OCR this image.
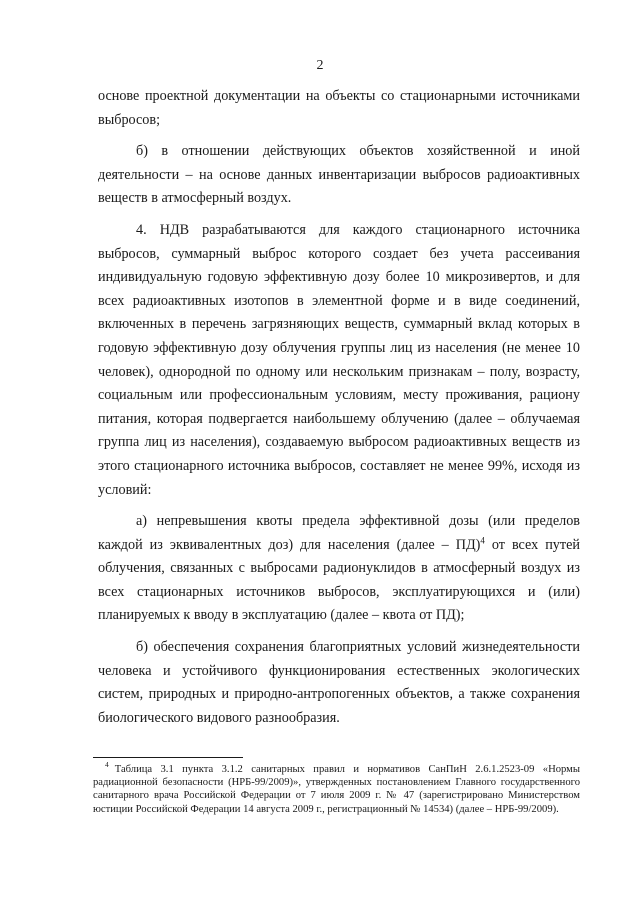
2

основе проектной документации на объекты со стационарными источниками выбросов;

б) в отношении действующих объектов хозяйственной и иной деятельности – на основе данных инвентаризации выбросов радиоактивных веществ в атмосферный воздух.

4. НДВ разрабатываются для каждого стационарного источника выбросов, суммарный выброс которого создает без учета рассеивания индивидуальную годовую эффективную дозу более 10 микрозивертов, и для всех радиоактивных изотопов в элементной форме и в виде соединений, включенных в перечень загрязняющих веществ, суммарный вклад которых в годовую эффективную дозу облучения группы лиц из населения (не менее 10 человек), однородной по одному или нескольким признакам – полу, возрасту, социальным или профессиональным условиям, месту проживания, рациону питания, которая подвергается наибольшему облучению (далее – облучаемая группа лиц из населения), создаваемую выбросом радиоактивных веществ из этого стационарного источника выбросов, составляет не менее 99%, исходя из условий:

а) непревышения квоты предела эффективной дозы (или пределов каждой из эквивалентных доз) для населения (далее – ПД)$^4$ от всех путей облучения, связанных с выбросами радионуклидов в атмосферный воздух из всех стационарных источников выбросов, эксплуатирующихся и (или) планируемых к вводу в эксплуатацию (далее – квота от ПД);

б) обеспечения сохранения благоприятных условий жизнедеятельности человека и устойчивого функционирования естественных экологических систем, природных и природно-антропогенных объектов, а также сохранения биологического видового разнообразия.

$^4$ Таблица 3.1 пункта 3.1.2 санитарных правил и нормативов СанПиН 2.6.1.2523-09 «Нормы радиационной безопасности (НРБ-99/2009)», утвержденных постановлением Главного государственного санитарного врача Российской Федерации от 7 июля 2009 г. № 47 (зарегистрировано Министерством юстиции Российской Федерации 14 августа 2009 г., регистрационный № 14534) (далее – НРБ-99/2009).
